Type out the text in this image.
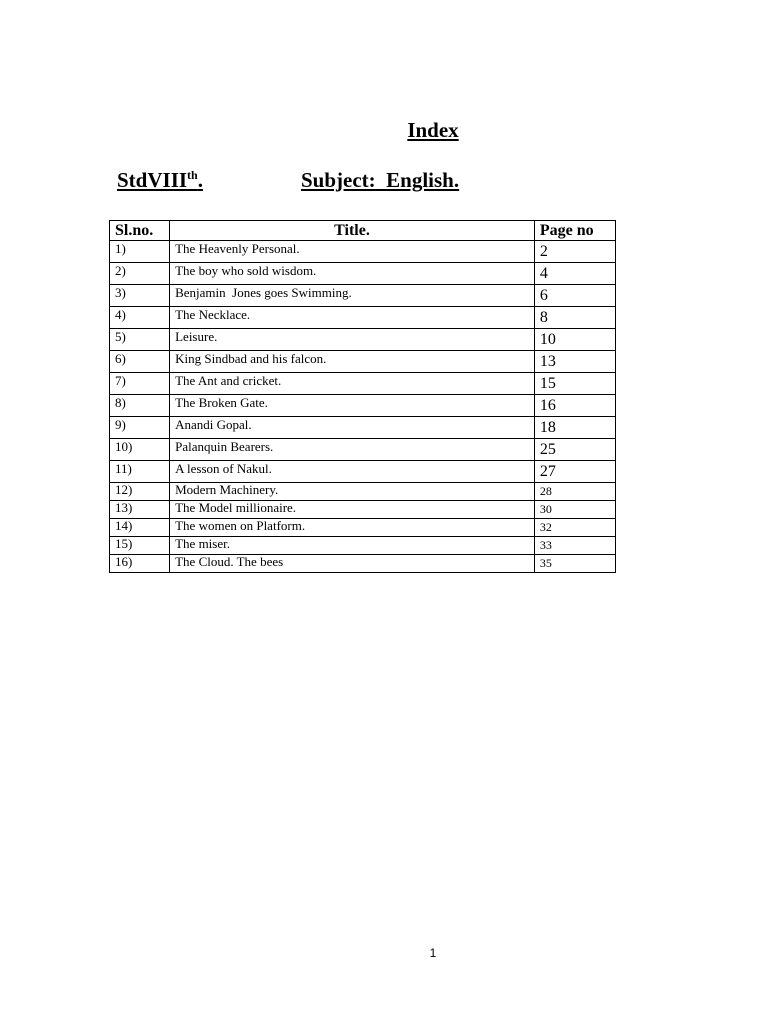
Index
StdVIII$^{th}$.	Subject:  English.
Sl.no.	Title.	Page no
1)	The Heavenly Personal.	2
2)	The boy who sold wisdom.	4
3)	Benjamin  Jones goes Swimming.	6
4)	The Necklace.	8
5)	Leisure.	10
6)	King Sindbad and his falcon.	13
7)	The Ant and cricket.	15
8)	The Broken Gate.	16
9)	Anandi Gopal.	18
10)	Palanquin Bearers.	25
11)	A lesson of Nakul.	27
12)	Modern Machinery.	28
13)	The Model millionaire.	30
14)	The women on Platform.	32
15)	The miser.	33
16)	The Cloud. The bees	35
1
